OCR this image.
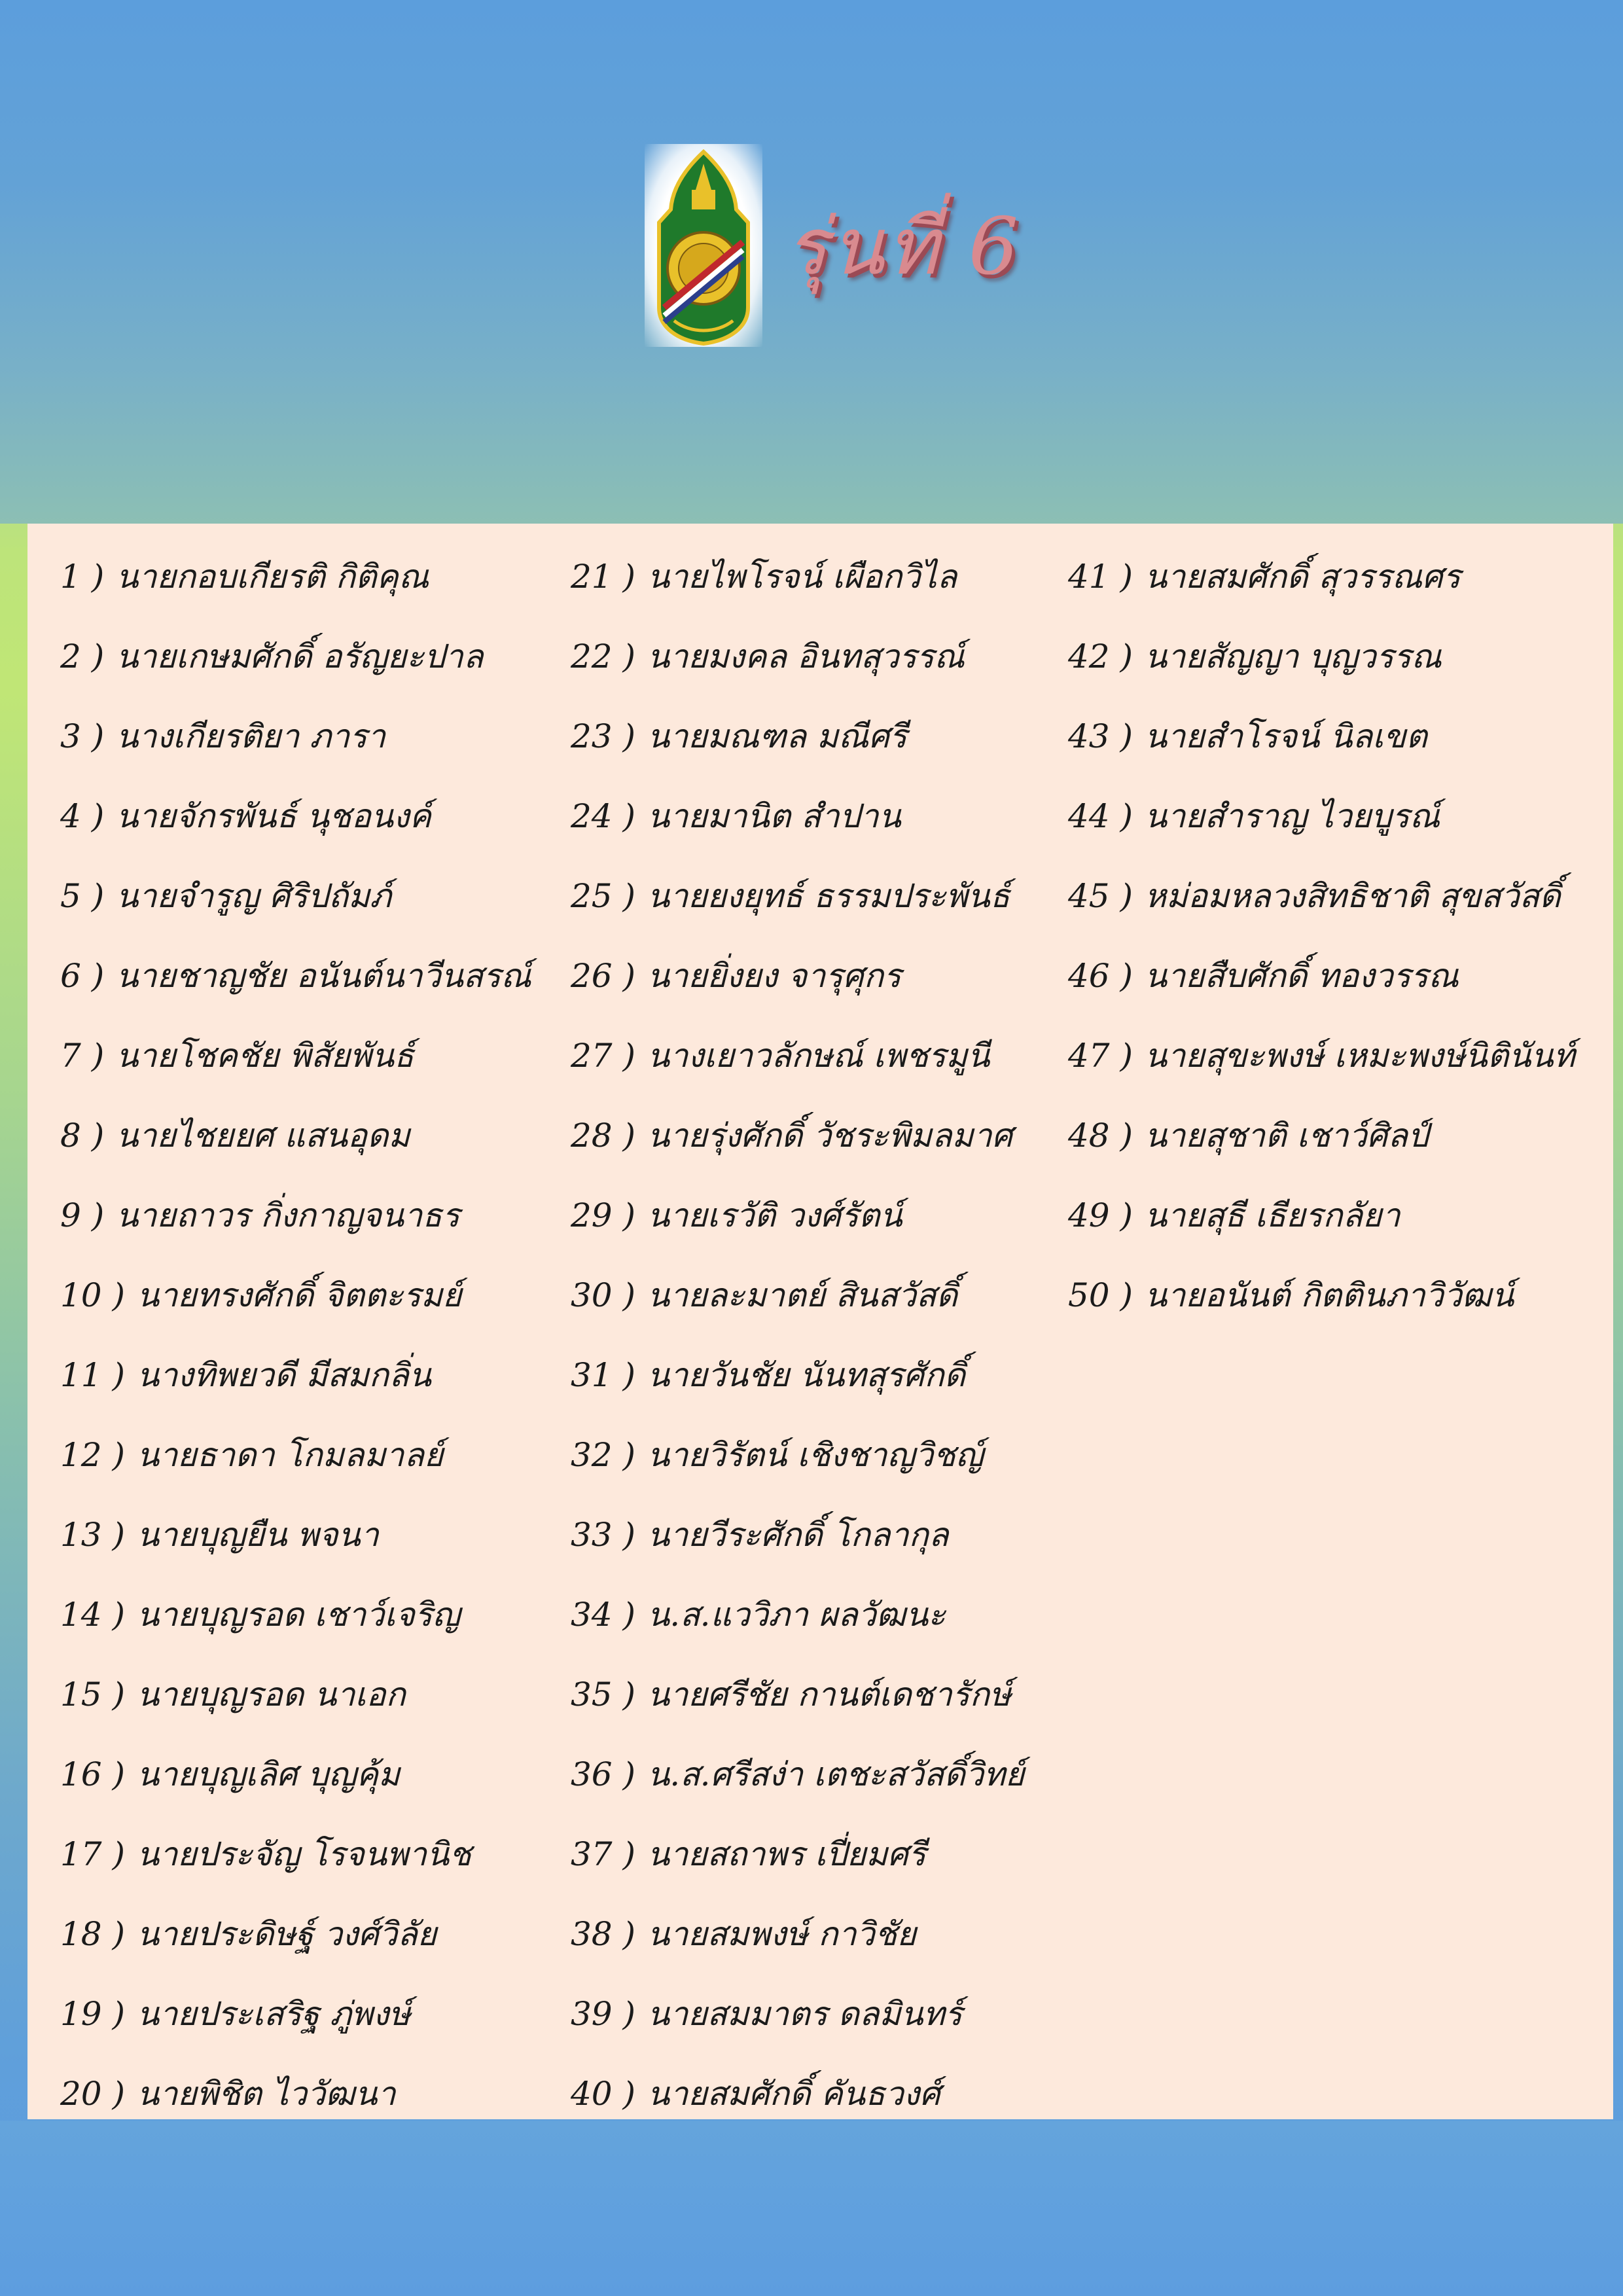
รุ่นที่ 6
1 ) นายกอบเกียรติ กิติคุณ
2 ) นายเกษมศักดิ์ อรัญยะปาล
3 ) นางเกียรติยา ภารา
4 ) นายจักรพันธ์ นุชอนงค์
5 ) นายจำรูญ ศิริปถัมภ์
6 ) นายชาญชัย อนันต์นาวีนสรณ์
7 ) นายโชคชัย พิสัยพันธ์
8 ) นายไชยยศ แสนอุดม
9 ) นายถาวร กิ่งกาญจนาธร
10 ) นายทรงศักดิ์ จิตตะรมย์
11 ) นางทิพยวดี มีสมกลิ่น
12 ) นายธาดา โกมลมาลย์
13 ) นายบุญยืน พจนา
14 ) นายบุญรอด เชาว์เจริญ
15 ) นายบุญรอด นาเอก
16 ) นายบุญเลิศ บุญคุ้ม
17 ) นายประจัญ โรจนพานิช
18 ) นายประดิษฐ์ วงศ์วิลัย
19 ) นายประเสริฐ ภู่พงษ์
20 ) นายพิชิต ไววัฒนา
21 ) นายไพโรจน์ เผือกวิไล
22 ) นายมงคล อินทสุวรรณ์
23 ) นายมณฑล มณีศรี
24 ) นายมานิต สำปาน
25 ) นายยงยุทธ์ ธรรมประพันธ์
26 ) นายยิ่งยง จารุศุกร
27 ) นางเยาวลักษณ์ เพชรมูนี
28 ) นายรุ่งศักดิ์ วัชระพิมลมาศ
29 ) นายเรวัติ วงศ์รัตน์
30 ) นายละมาตย์ สินสวัสดิ์
31 ) นายวันชัย นันทสุรศักดิ์
32 ) นายวิรัตน์ เชิงชาญวิชญ์
33 ) นายวีระศักดิ์ โกลากุล
34 ) น.ส.แววิภา ผลวัฒนะ
35 ) นายศรีชัย กานต์เดชารักษ์
36 ) น.ส.ศรีสง่า เตชะสวัสดิ์วิทย์
37 ) นายสถาพร เปี่ยมศรี
38 ) นายสมพงษ์ กาวิชัย
39 ) นายสมมาตร ดลมินทร์
40 ) นายสมศักดิ์ คันธวงศ์
41 ) นายสมศักดิ์ สุวรรณศร
42 ) นายสัญญา บุญวรรณ
43 ) นายสำโรจน์ นิลเขต
44 ) นายสำราญ ไวยบูรณ์
45 ) หม่อมหลวงสิทธิชาติ สุขสวัสดิ์
46 ) นายสืบศักดิ์ ทองวรรณ
47 ) นายสุขะพงษ์ เหมะพงษ์นิตินันท์
48 ) นายสุชาติ เชาว์ศิลป์
49 ) นายสุธี เธียรกลัยา
50 ) นายอนันต์ กิตตินภาวิวัฒน์
